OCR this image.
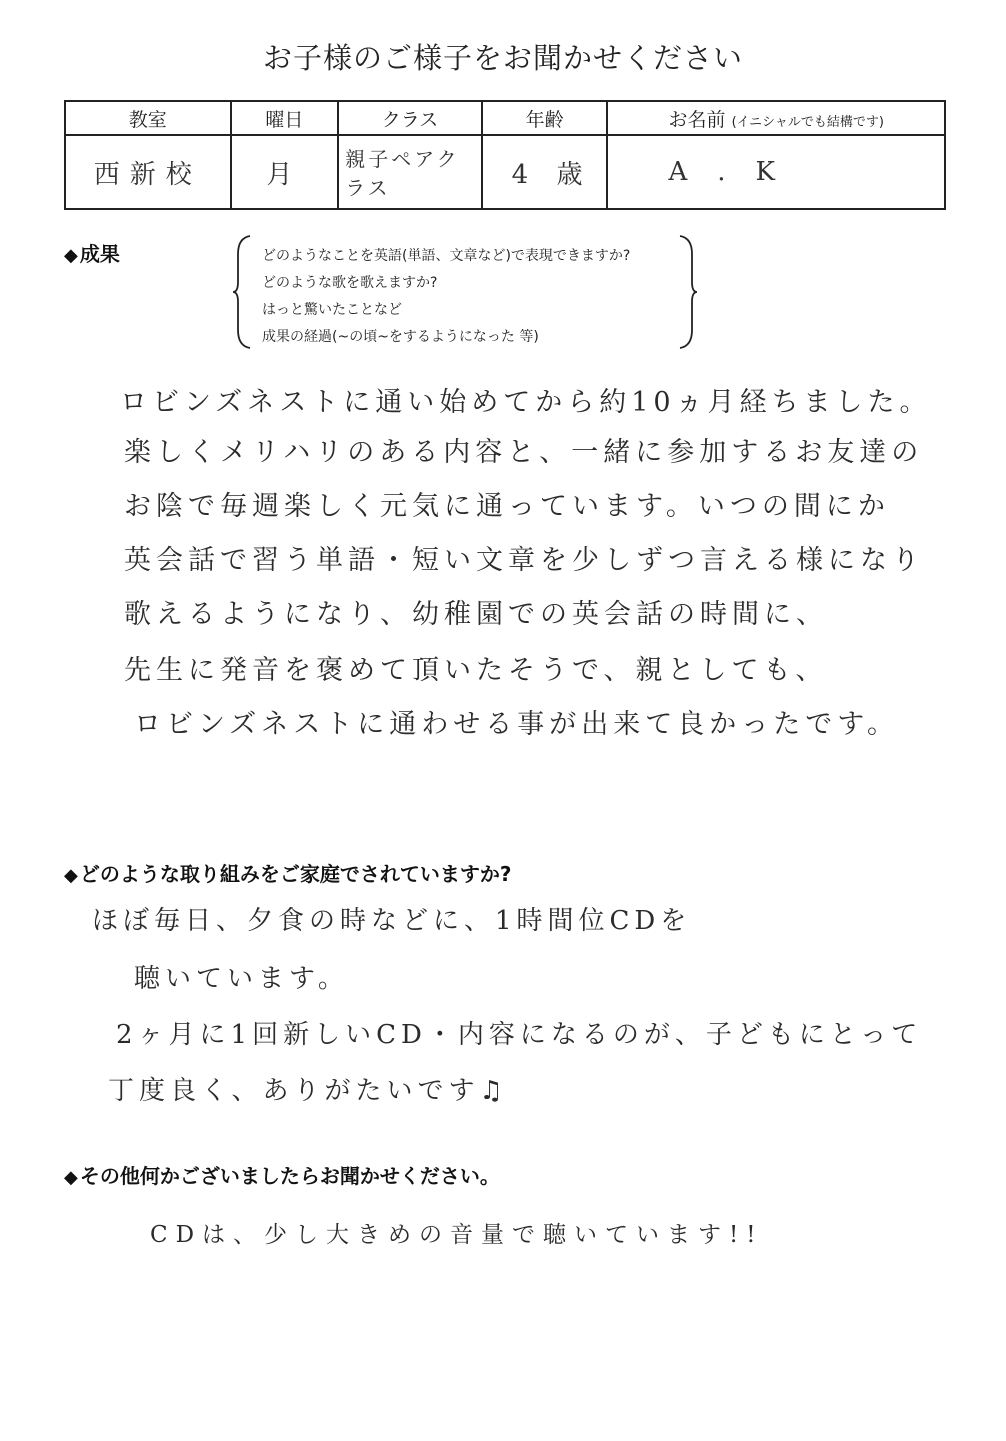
お子様のご様子をお聞かせください
教室	曜日	クラス	年齢	お名前 (イニシャルでも結構です)
西新校	月	親子ペアクラス	4 歳	A.K
◆ 成果	どのようなことを英語(単語、文章など)で表現できますか?
どのような歌を歌えますか?
はっと驚いたことなど
成果の経過(~の頃~をするようになった 等)
ロビンズネストに通い始めてから約10ヵ月経ちました。
楽しくメリハリのある内容と、一緒に参加するお友達の
お陰で毎週楽しく元気に通っています。いつの間にか
英会話で習う単語・短い文章を少しずつ言える様になり
歌えるようになり、幼稚園での英会話の時間に、
先生に発音を褒めて頂いたそうで、親としても、
ロビンズネストに通わせる事が出来て良かったです。
◆ どのような取り組みをご家庭でされていますか?
ほぼ毎日、夕食の時などに、1時間位CDを
聴いています。
2ヶ月に1回新しいCD・内容になるのが、子どもにとって
丁度良く、ありがたいです♫
◆ その他何かございましたらお聞かせください。
CDは、少し大きめの音量で聴いています!!
